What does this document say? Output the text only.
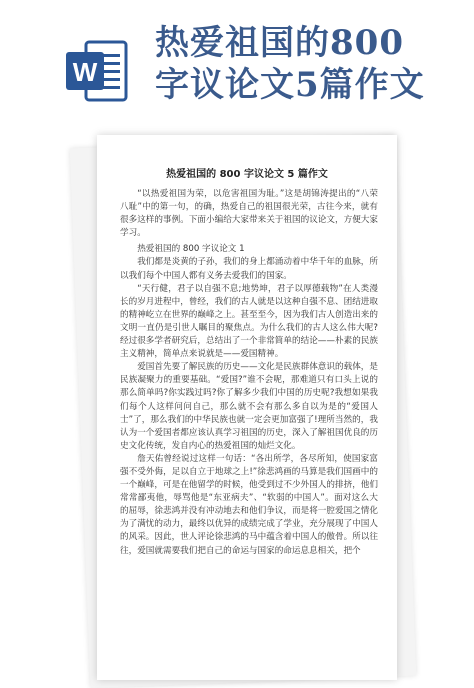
W
热爱祖国的800
字议论文5篇作文
热爱祖国的 800 字议论文 5 篇作文

“以热爱祖国为荣，以危害祖国为耻。”这是胡锦涛提出的“八荣八耻”中的第一句，的确，热爱自己的祖国很光荣，古往今来，就有很多这样的事例。下面小编给大家带来关于祖国的议论文，方便大家学习。

热爱祖国的 800 字议论文 1

我们都是炎黄的子孙，我们的身上都涌动着中华千年的血脉，所以我们每个中国人都有义务去爱我们的国家。

“天行健，君子以自强不息;地势坤，君子以厚德载物”在人类漫长的岁月进程中，曾经，我们的古人就是以这种自强不息、团结进取的精神屹立在世界的巅峰之上。甚至至今，因为我们古人创造出来的文明一直仍是引世人瞩目的聚焦点。为什么我们的古人这么伟大呢?经过很多学者研究后，总结出了一个非常简单的结论——朴素的民族主义精神，简单点来说就是——爱国精神。

爱国首先要了解民族的历史——文化是民族群体意识的载体，是民族凝聚力的重要基础。“爱国?”谁不会呢，那难道只有口头上说的那么简单吗?你实践过吗?你了解多少我们中国的历史呢?我想如果我们每个人这样问问自己，那么就不会有那么多自以为是的“爱国人士”了，那么我们的中华民族也就一定会更加富强了!理所当然的，我认为一个爱国者都应该认真学习祖国的历史，深入了解祖国优良的历史文化传统，发自内心的热爱祖国的灿烂文化。

詹天佑曾经说过这样一句话：“各出所学，各尽所知，使国家富强不受外侮，足以自立于地球之上!”徐悲鸿画的马算是我们国画中的一个巅峰，可是在他留学的时候，他受到过不少外国人的排挤，他们常常鄙夷他，辱骂他是“东亚病夫”、“软弱的中国人”。面对这么大的屈辱，徐悲鸿并没有冲动地去和他们争议，而是将一腔爱国之情化为了满忧的动力，最终以优异的成绩完成了学业，充分展现了中国人的风采。因此，世人评论徐悲鸿的马中蕴含着中国人的傲骨。所以往往，爱国就需要我们把自己的命运与国家的命运息息相关，把个
